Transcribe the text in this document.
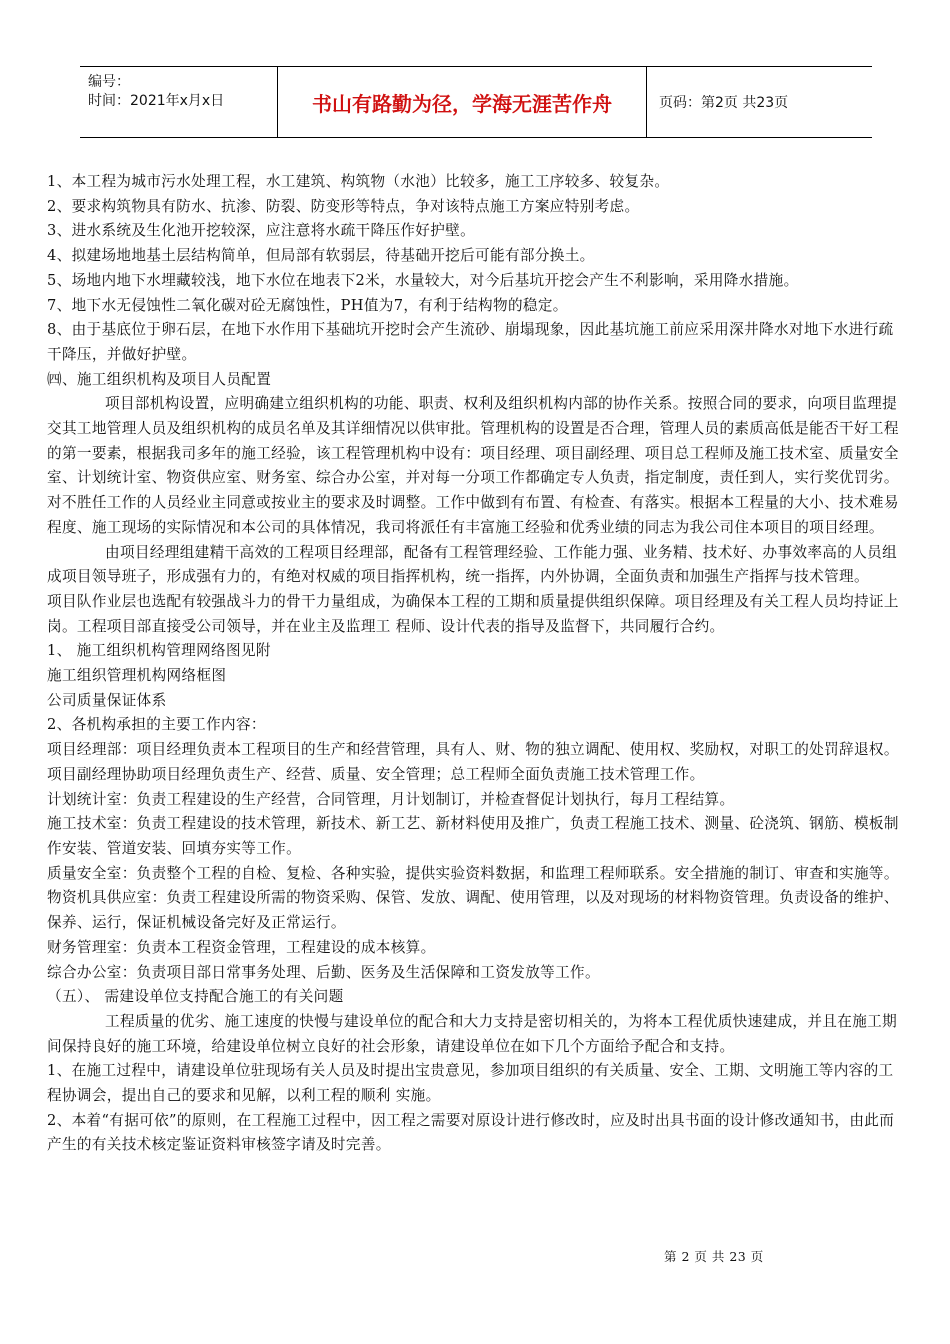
编号：
时间：2021年x月x日	书山有路勤为径，学海无涯苦作舟	页码：第2页 共23页

1、本工程为城市污水处理工程，水工建筑、构筑物（水池）比较多，施工工序较多、较复杂。

2、要求构筑物具有防水、抗渗、防裂、防变形等特点，争对该特点施工方案应特别考虑。

3、进水系统及生化池开挖较深，应注意将水疏干降压作好护壁。

4、拟建场地地基土层结构简单，但局部有软弱层，待基础开挖后可能有部分换土。

5、场地内地下水埋藏较浅，地下水位在地表下2米，水量较大，对今后基坑开挖会产生不利影响，采用降水措施。

7、地下水无侵蚀性二氧化碳对砼无腐蚀性，PH值为7，有利于结构物的稳定。

8、由于基底位于卵石层，在地下水作用下基础坑开挖时会产生流砂、崩塌现象，因此基坑施工前应采用深井降水对地下水进行疏干降压，并做好护壁。

㈣、施工组织机构及项目人员配置

项目部机构设置，应明确建立组织机构的功能、职责、权利及组织机构内部的协作关系。按照合同的要求，向项目监理提交其工地管理人员及组织机构的成员名单及其详细情况以供审批。管理机构的设置是否合理，管理人员的素质高低是能否干好工程的第一要素，根据我司多年的施工经验，该工程管理机构中设有：项目经理、项目副经理、项目总工程师及施工技术室、质量安全室、计划统计室、物资供应室、财务室、综合办公室，并对每一分项工作都确定专人负责，指定制度，责任到人，实行奖优罚劣。对不胜任工作的人员经业主同意或按业主的要求及时调整。工作中做到有布置、有检查、有落实。根据本工程量的大小、技术难易程度、施工现场的实际情况和本公司的具体情况，我司将派任有丰富施工经验和优秀业绩的同志为我公司住本项目的项目经理。

由项目经理组建精干高效的工程项目经理部，配备有工程管理经验、工作能力强、业务精、技术好、办事效率高的人员组成项目领导班子，形成强有力的，有绝对权威的项目指挥机构，统一指挥，内外协调，全面负责和加强生产指挥与技术管理。

项目队作业层也选配有较强战斗力的骨干力量组成，为确保本工程的工期和质量提供组织保障。项目经理及有关工程人员均持证上岗。工程项目部直接受公司领导，并在业主及监理工 程师、设计代表的指导及监督下，共同履行合约。

1、 施工组织机构管理网络图见附

施工组织管理机构网络框图

公司质量保证体系

2、各机构承担的主要工作内容：

项目经理部：项目经理负责本工程项目的生产和经营管理，具有人、财、物的独立调配、使用权、奖励权，对职工的处罚辞退权。项目副经理协助项目经理负责生产、经营、质量、安全管理；总工程师全面负责施工技术管理工作。

计划统计室：负责工程建设的生产经营，合同管理，月计划制订，并检查督促计划执行，每月工程结算。

施工技术室：负责工程建设的技术管理，新技术、新工艺、新材料使用及推广，负责工程施工技术、测量、砼浇筑、钢筋、模板制作安装、管道安装、回填夯实等工作。

质量安全室：负责整个工程的自检、复检、各种实验，提供实验资料数据，和监理工程师联系。安全措施的制订、审查和实施等。

物资机具供应室：负责工程建设所需的物资采购、保管、发放、调配、使用管理，以及对现场的材料物资管理。负责设备的维护、保养、运行，保证机械设备完好及正常运行。

财务管理室：负责本工程资金管理，工程建设的成本核算。

综合办公室：负责项目部日常事务处理、后勤、医务及生活保障和工资发放等工作。

（五）、 需建设单位支持配合施工的有关问题

工程质量的优劣、施工速度的快慢与建设单位的配合和大力支持是密切相关的，为将本工程优质快速建成，并且在施工期间保持良好的施工环境，给建设单位树立良好的社会形象，请建设单位在如下几个方面给予配合和支持。

1、在施工过程中，请建设单位驻现场有关人员及时提出宝贵意见，参加项目组织的有关质量、安全、工期、文明施工等内容的工程协调会，提出自己的要求和见解，以利工程的顺利 实施。

2、本着“有据可依”的原则，在工程施工过程中，因工程之需要对原设计进行修改时，应及时出具书面的设计修改通知书，由此而产生的有关技术核定鉴证资料审核签字请及时完善。

第 2 页 共 23 页
